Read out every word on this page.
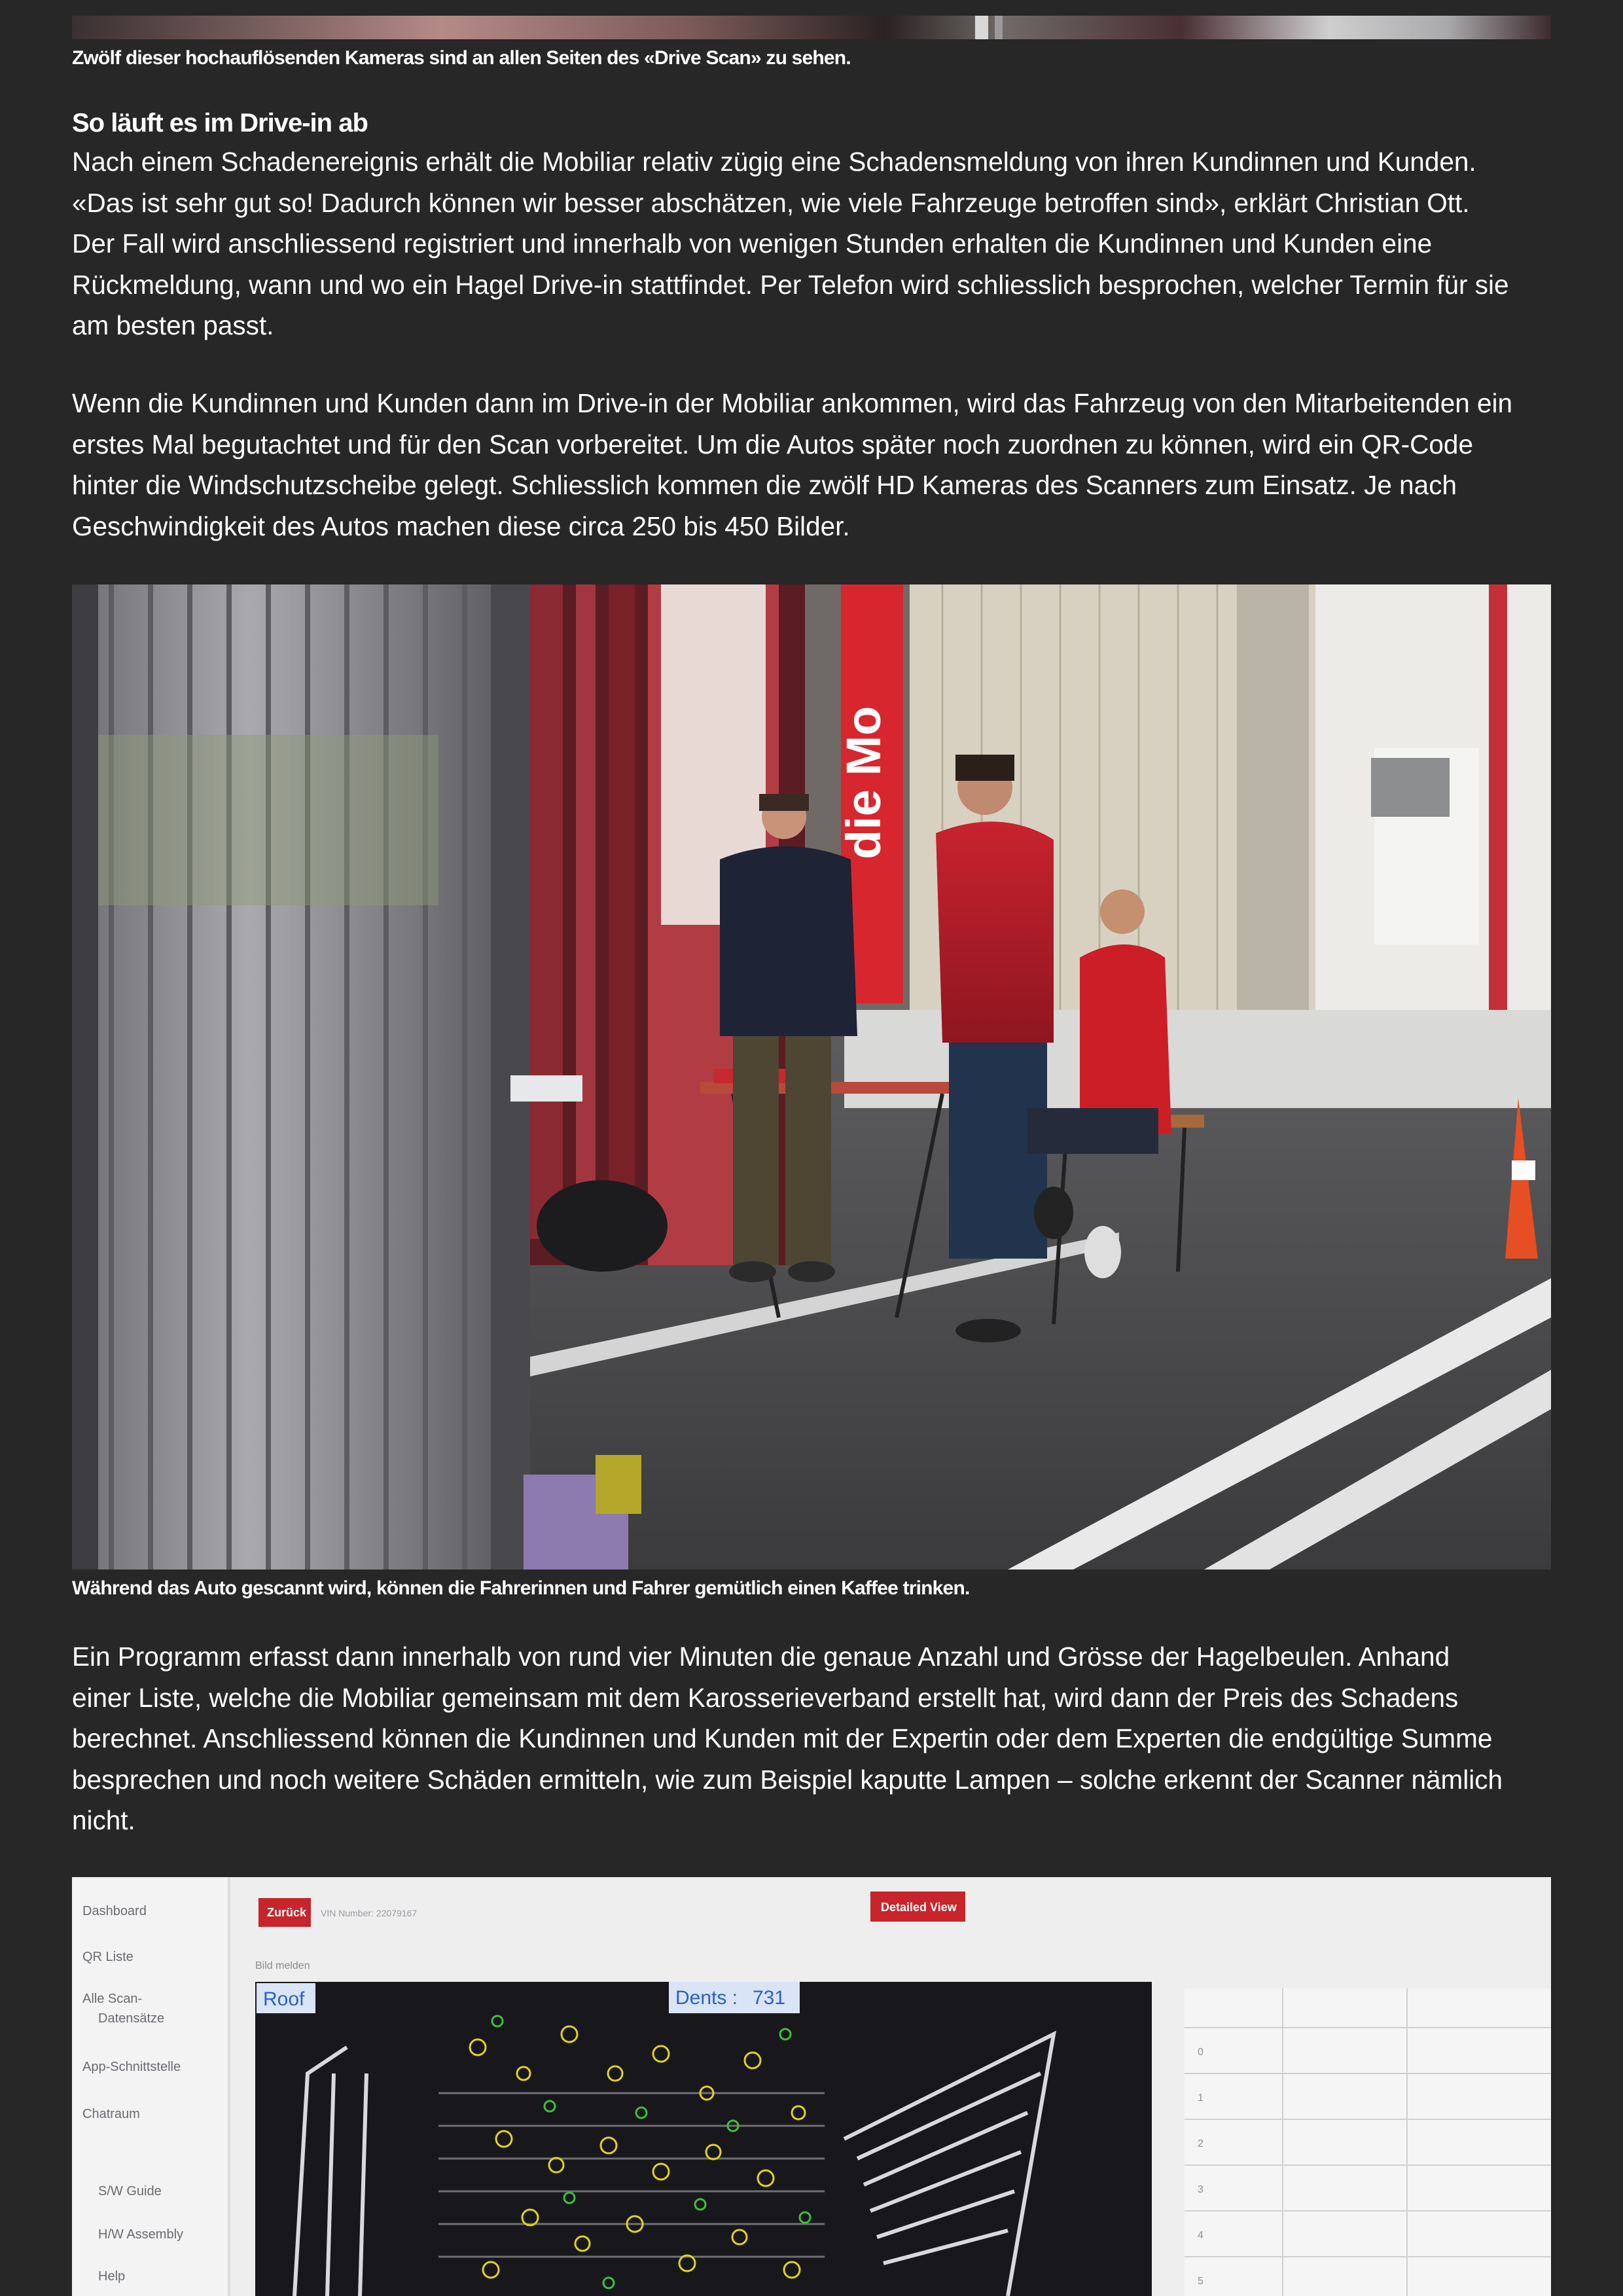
Zwölf dieser hochauflösenden Kameras sind an allen Seiten des «Drive Scan» zu sehen.
So läuft es im Drive-in ab
Nach einem Schadenereignis erhält die Mobiliar relativ zügig eine Schadensmeldung von ihren Kundinnen und Kunden.
«Das ist sehr gut so! Dadurch können wir besser abschätzen, wie viele Fahrzeuge betroffen sind», erklärt Christian Ott.
Der Fall wird anschliessend registriert und innerhalb von wenigen Stunden erhalten die Kundinnen und Kunden eine
Rückmeldung, wann und wo ein Hagel Drive-in stattfindet. Per Telefon wird schliesslich besprochen, welcher Termin für sie
am besten passt.
Wenn die Kundinnen und Kunden dann im Drive-in der Mobiliar ankommen, wird das Fahrzeug von den Mitarbeitenden ein
erstes Mal begutachtet und für den Scan vorbereitet. Um die Autos später noch zuordnen zu können, wird ein QR-Code
hinter die Windschutzscheibe gelegt. Schliesslich kommen die zwölf HD Kameras des Scanners zum Einsatz. Je nach
Geschwindigkeit des Autos machen diese circa 250 bis 450 Bilder.
die Mo
Während das Auto gescannt wird, können die Fahrerinnen und Fahrer gemütlich einen Kaffee trinken.
Ein Programm erfasst dann innerhalb von rund vier Minuten die genaue Anzahl und Grösse der Hagelbeulen. Anhand
einer Liste, welche die Mobiliar gemeinsam mit dem Karosserieverband erstellt hat, wird dann der Preis des Schadens
berechnet. Anschliessend können die Kundinnen und Kunden mit der Expertin oder dem Experten die endgültige Summe
besprechen und noch weitere Schäden ermitteln, wie zum Beispiel kaputte Lampen – solche erkennt der Scanner nämlich
nicht.
Dashboard
QR Liste
Alle Scan-
Datensätze
App-Schnittstelle
Chatraum
S/W Guide
H/W Assembly
Help
Zurück VIN Number: 22079167	Detailed View
Bild melden
Roof	Dents : 731
0
1
2
3
4
5
